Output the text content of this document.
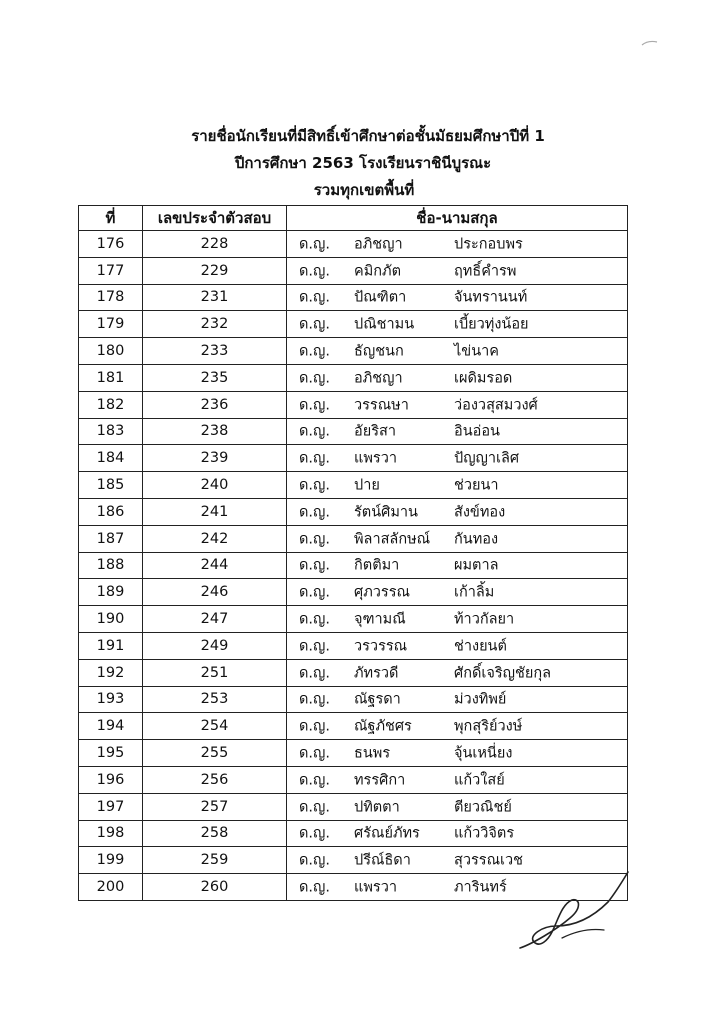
รายชื่อนักเรียนที่มีสิทธิ์เข้าศึกษาต่อชั้นมัธยมศึกษาปีที่ 1
ปีการศึกษา 2563 โรงเรียนราชินีบูรณะ
รวมทุกเขตพื้นที่
ที่	เลขประจำตัวสอบ	ชื่อ-นามสกุล
176	228	ด.ญ. อภิชญา ประกอบพร

177	229	ด.ญ. คมิกภัต ฤทธิ์คำรพ

178	231	ด.ญ. ปัณฑิตา จันทรานนท์

179	232	ด.ญ. ปณิชามน เบี้ยวทุ่งน้อย

180	233	ด.ญ. ธัญชนก ไข่นาค

181	235	ด.ญ. อภิชญา เผดิมรอด

182	236	ด.ญ. วรรณษา ว่องวสุสมวงศ์

183	238	ด.ญ. อัยริสา อินอ่อน

184	239	ด.ญ. แพรวา ปัญญาเลิศ

185	240	ด.ญ. ปาย ช่วยนา

186	241	ด.ญ. รัตน์ศิมาน สังข์ทอง

187	242	ด.ญ. พิลาสลักษณ์ กันทอง

188	244	ด.ญ. กิตติมา ผมตาล

189	246	ด.ญ. ศุภวรรณ เก้าลิ้ม

190	247	ด.ญ. จุฑามณี ท้าวกัลยา

191	249	ด.ญ. วรวรรณ ช่างยนต์

192	251	ด.ญ. ภัทรวดี ศักดิ์เจริญชัยกุล

193	253	ด.ญ. ณัฐรดา ม่วงทิพย์

194	254	ด.ญ. ณัฐภัชศร พุกสุริย์วงษ์

195	255	ด.ญ. ธนพร จุ้นเหนี่ยง

196	256	ด.ญ. ทรรศิกา แก้วใสย์

197	257	ด.ญ. ปทิตตา ตียวณิชย์

198	258	ด.ญ. ศรัณย์ภัทร แก้ววิจิตร

199	259	ด.ญ. ปรีณ์ธิดา สุวรรณเวช

200	260	ด.ญ. แพรวา ภารินทร์
